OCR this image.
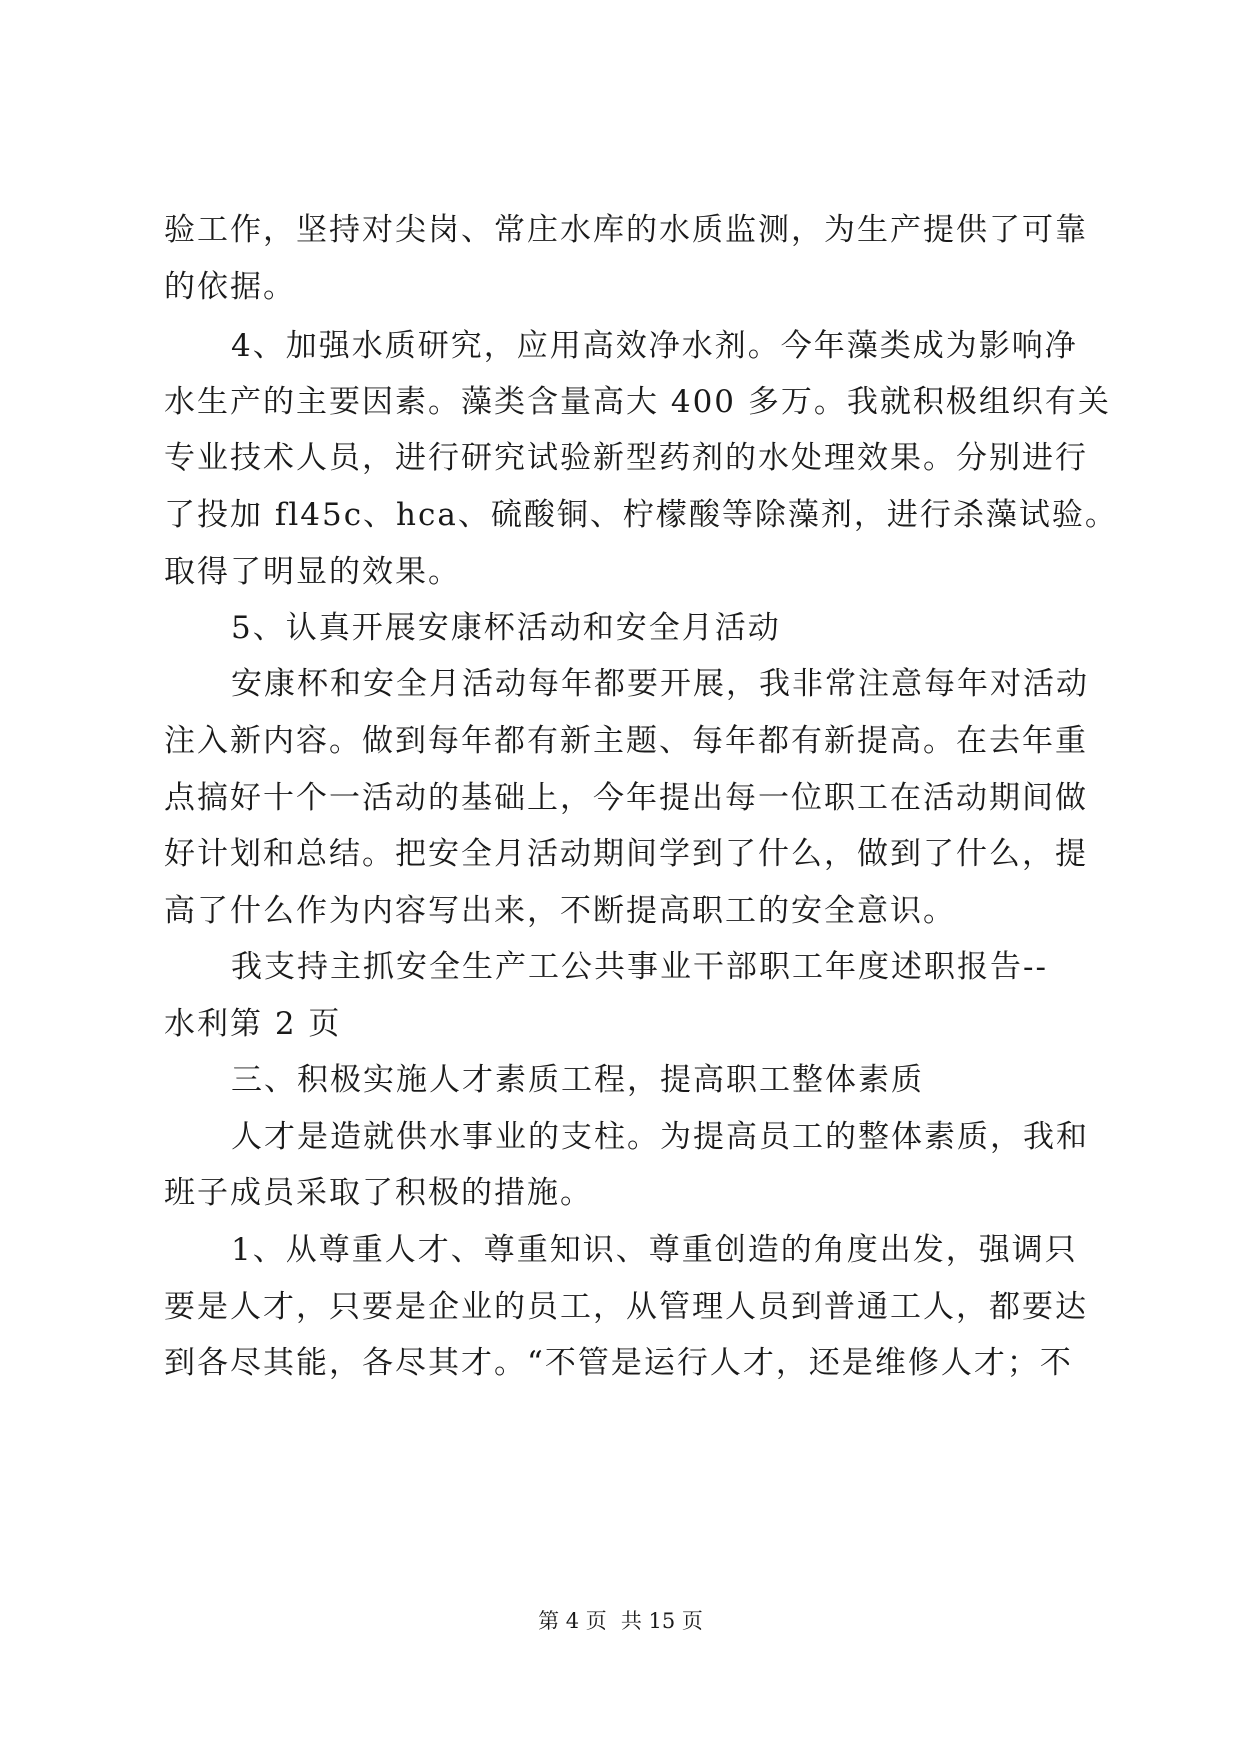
验工作，坚持对尖岗、常庄水库的水质监测，为生产提供了可靠
的依据。
4、加强水质研究，应用高效净水剂。今年藻类成为影响净
水生产的主要因素。藻类含量高大 400 多万。我就积极组织有关
专业技术人员，进行研究试验新型药剂的水处理效果。分别进行
了投加 fl45c、hca、硫酸铜、柠檬酸等除藻剂，进行杀藻试验。
取得了明显的效果。
5、认真开展安康杯活动和安全月活动
安康杯和安全月活动每年都要开展，我非常注意每年对活动
注入新内容。做到每年都有新主题、每年都有新提高。在去年重
点搞好十个一活动的基础上，今年提出每一位职工在活动期间做
好计划和总结。把安全月活动期间学到了什么，做到了什么，提
高了什么作为内容写出来，不断提高职工的安全意识。
我支持主抓安全生产工公共事业干部职工年度述职报告--
水利第 2 页
三、积极实施人才素质工程，提高职工整体素质
人才是造就供水事业的支柱。为提高员工的整体素质，我和
班子成员采取了积极的措施。
1、从尊重人才、尊重知识、尊重创造的角度出发，强调只
要是人才，只要是企业的员工，从管理人员到普通工人，都要达
到各尽其能，各尽其才。“不管是运行人才，还是维修人才；不
第 4 页 共 15 页
